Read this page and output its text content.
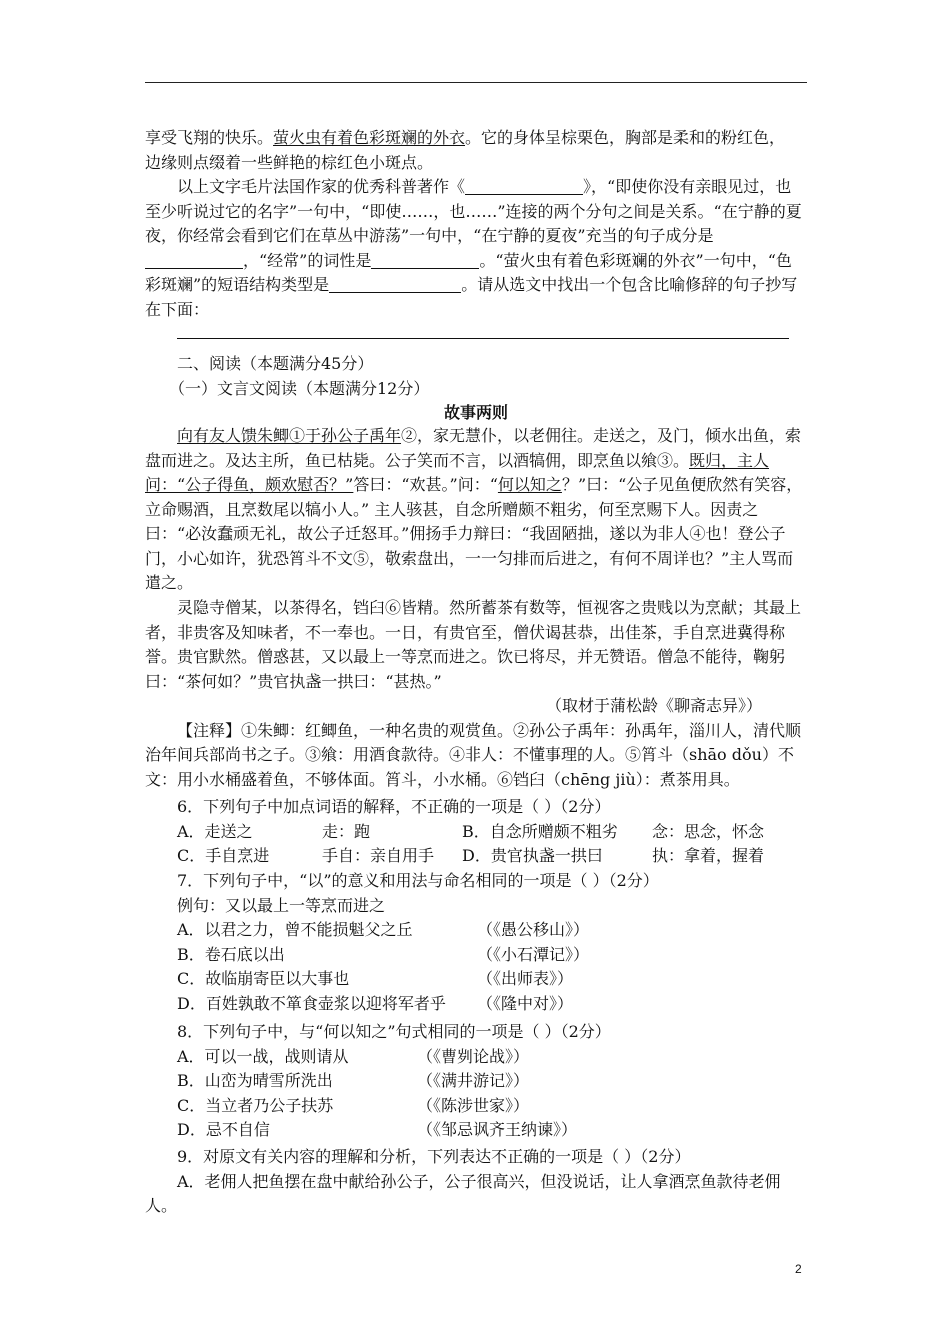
享受飞翔的快乐。萤火虫有着色彩斑斓的外衣。它的身体呈棕栗色，胸部是柔和的粉红色，
边缘则点缀着一些鲜艳的棕红色小斑点。

以上文字毛片法国作家的优秀科普著作《	》，“即使你没有亲眼见过，也至少听说过它的名字”一句中，“即使……，也……”连接的两个分句之间是关系。“在宁静的夏夜，你经常会看到它们在草丛中游荡”一句中，“在宁静的夏夜”充当的句子成分是，“经常”的词性是	。“萤火虫有着色彩斑斓的外衣”一句中，“色彩斑斓”的短语结构类型是	。请从选文中找出一个包含比喻修辞的句子抄写在下面：

二、阅读（本题满分45分）

（一）文言文阅读（本题满分12分）

故事两则

向有友人馈朱鲫①于孙公子禹年②，家无慧仆，以老佣往。走送之，及门，倾水出鱼，索盘而进之。及达主所，鱼已枯毙。公子笑而不言，以酒犒佣，即烹鱼以飨③。既归，主人问：“公子得鱼，颇欢慰否？”答曰：“欢甚。”问：“何以知之？”曰：“公子见鱼便欣然有笑容，立命赐酒，且烹数尾以犒小人。” 主人骇甚，自念所赠颇不粗劣，何至烹赐下人。因责之曰：“必汝蠢顽无礼，故公子迁怒耳。”佣扬手力辩曰：“我固陋拙，遂以为非人④也！登公子门，小心如许，犹恐筲斗不文⑤，敬索盘出，一一匀排而后进之，有何不周详也？”主人骂而遣之。

灵隐寺僧某，以茶得名，铛臼⑥皆精。然所蓄茶有数等，恒视客之贵贱以为烹献；其最上者，非贵客及知味者，不一奉也。一日，有贵官至，僧伏谒甚恭，出佳茶，手自烹进冀得称誉。贵官默然。僧惑甚，又以最上一等烹而进之。饮已将尽，并无赞语。僧急不能待，鞠躬曰：“茶何如？”贵官执盏一拱曰：“甚热。”

（取材于蒲松龄《聊斋志异》）

【注释】①朱鲫：红鲫鱼，一种名贵的观赏鱼。②孙公子禹年：孙禹年，淄川人，清代顺治年间兵部尚书之子。③飨：用酒食款待。④非人：不懂事理的人。⑤筲斗（shāo dǒu）不文：用小水桶盛着鱼，不够体面。筲斗，小水桶。⑥铛臼（chēng jiù）：煮茶用具。

6．下列句子中加点词语的解释，不正确的一项是（ ）（2分）

A．走送之	走：跑	B．自念所赠颇不粗劣 念：思念，怀念

C．手自烹进	手自：亲自用手 D．贵官执盏一拱曰	执：拿着，握着

7．下列句子中，“以”的意义和用法与命名相同的一项是（ ）（2分）

例句：又以最上一等烹而进之

A．以君之力，曾不能损魁父之丘	（《愚公移山》）

B．卷石底以出	（《小石潭记》）

C．故临崩寄臣以大事也	（《出师表》）

D．百姓孰敢不箪食壶浆以迎将军者乎 （《隆中对》）

8．下列句子中，与“何以知之”句式相同的一项是（ ）（2分）

A．可以一战，战则请从	（《曹刿论战》）

B．山峦为晴雪所洗出	（《满井游记》）

C．当立者乃公子扶苏	（《陈涉世家》）

D．忌不自信	（《邹忌讽齐王纳谏》）

9．对原文有关内容的理解和分析，下列表达不正确的一项是（ ）（2分）

A．老佣人把鱼摆在盘中献给孙公子，公子很高兴，但没说话，让人拿酒烹鱼款待老佣人。

2
